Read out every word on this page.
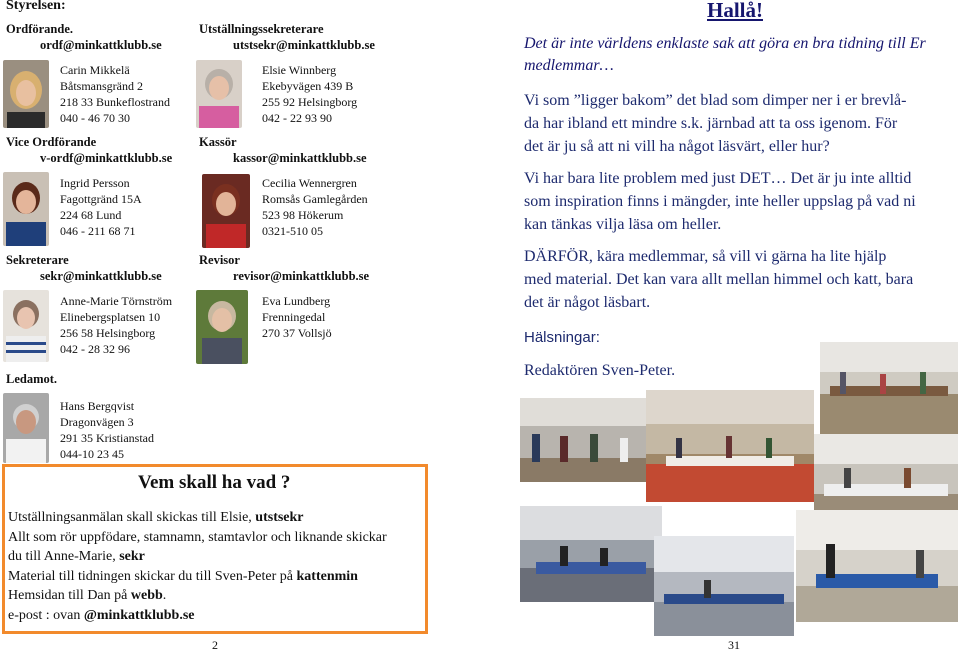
Styrelsen:
Ordförande.
ordf@minkattklubb.se
Carin Mikkelä
Båtsmansgränd 2
218 33 Bunkeflostrand
040 - 46 70 30
Vice Ordförande
v-ordf@minkattklubb.se
Ingrid Persson
Fagottgränd 15A
224 68 Lund
046 - 211 68 71
Sekreterare
sekr@minkattklubb.se
Anne-Marie Törnström
Elinebergsplatsen 10
256 58 Helsingborg
042 - 28 32 96
Ledamot.
Hans Bergqvist
Dragonvägen 3
291 35 Kristianstad
044-10 23 45
Utställningssekreterare
utstsekr@minkattklubb.se
Elsie Winnberg
Ekebyvägen 439 B
255 92 Helsingborg
042 - 22 93 90
Kassör
kassor@minkattklubb.se
Cecilia Wennergren
Romsås Gamlegården
523 98 Hökerum
0321-510 05
Revisor
revisor@minkattklubb.se
Eva Lundberg
Frenningedal
270 37 Vollsjö
Vem skall ha vad ?
Utställningsanmälan skall skickas till Elsie, utstsekr
Allt som rör uppfödare, stamnamn, stamtavlor och liknande skickar
du till Anne-Marie, sekr
Material till tidningen skickar du till Sven-Peter på kattenmin
Hemsidan till Dan på webb.
e-post : ovan @minkattklubb.se
2
Hallå!
Det är inte världens enklaste sak att göra en bra tidning till Er medlemmar…
Vi som ”ligger bakom” det blad som dimper ner i er brevlå-
da har ibland ett mindre s.k. järnbad att ta oss igenom. För
det är ju så att ni vill ha något läsvärt, eller hur?
Vi har bara lite problem med just DET… Det är ju inte alltid
som inspiration finns i mängder, inte heller uppslag på vad ni
kan tänkas vilja läsa om heller.
DÄRFÖR, kära medlemmar, så vill vi gärna ha lite hjälp
med material. Det kan vara allt mellan himmel och katt, bara
det är något läsbart.
Hälsningar:
Redaktören Sven-Peter.
31
